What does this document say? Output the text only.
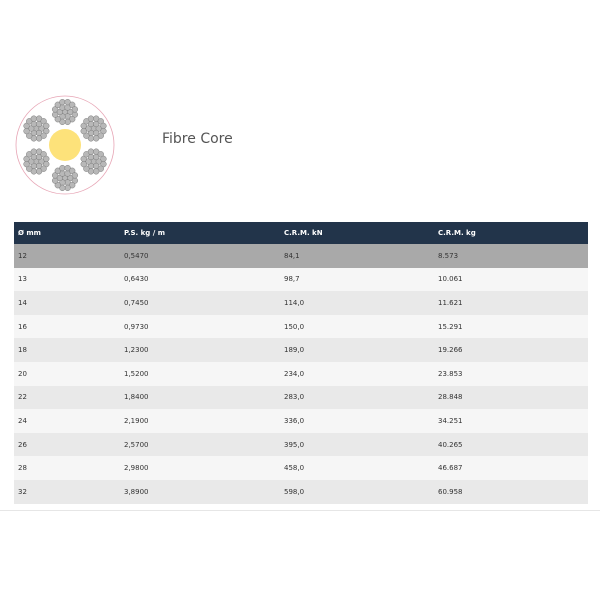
Fibre Core
Ø mm	P.S. kg / m	C.R.M. kN	C.R.M. kg
12	0,5470	84,1	8.573
13	0,6430	98,7	10.061
14	0,7450	114,0	11.621
16	0,9730	150,0	15.291
18	1,2300	189,0	19.266
20	1,5200	234,0	23.853
22	1,8400	283,0	28.848
24	2,1900	336,0	34.251
26	2,5700	395,0	40.265
28	2,9800	458,0	46.687
32	3,8900	598,0	60.958
